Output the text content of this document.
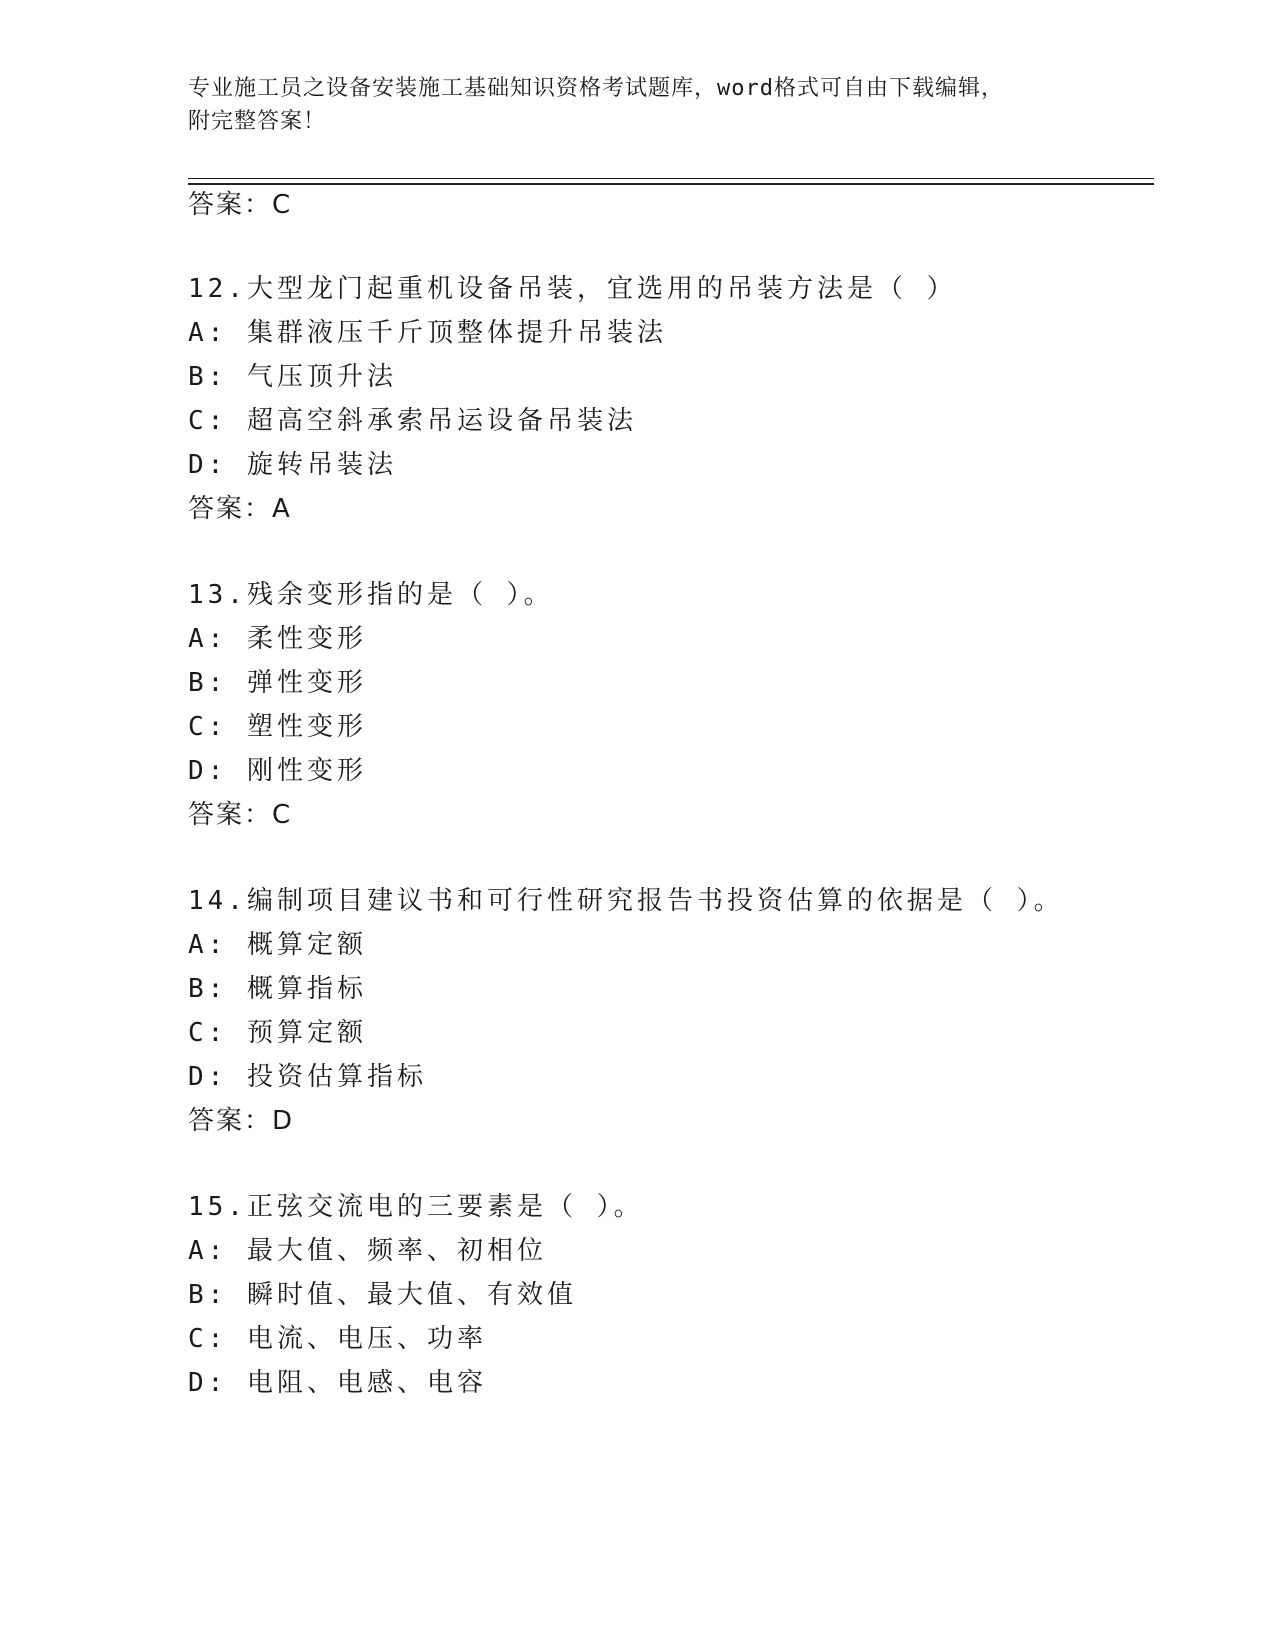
专业施工员之设备安装施工基础知识资格考试题库，word格式可自由下载编辑，
附完整答案！
答案：C
12.大型龙门起重机设备吊装，宜选用的吊装方法是（ ）
A: 集群液压千斤顶整体提升吊装法
B: 气压顶升法
C: 超高空斜承索吊运设备吊装法
D: 旋转吊装法
答案：A
13.残余变形指的是（ ）。
A: 柔性变形
B: 弹性变形
C: 塑性变形
D: 刚性变形
答案：C
14.编制项目建议书和可行性研究报告书投资估算的依据是（ ）。
A: 概算定额
B: 概算指标
C: 预算定额
D: 投资估算指标
答案：D
15.正弦交流电的三要素是（ ）。
A: 最大值、频率、初相位
B: 瞬时值、最大值、有效值
C: 电流、电压、功率
D: 电阻、电感、电容
